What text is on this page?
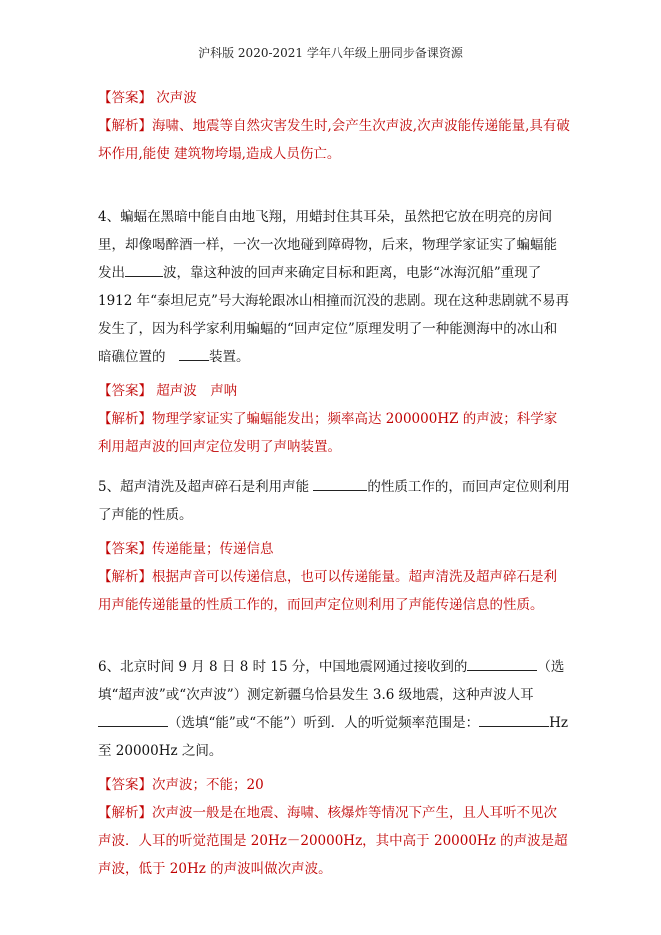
沪科版 2020-2021 学年八年级上册同步备课资源

【答案】 次声波

【解析】海啸、地震等自然灾害发生时,会产生次声波,次声波能传递能量,具有破坏作用,能使 建筑物垮塌,造成人员伤亡。

4、蝙蝠在黑暗中能自由地飞翔，用蜡封住其耳朵，虽然把它放在明亮的房间里，却像喝醉酒一样，一次一次地碰到障碍物，后来，物理学家证实了蝙蝠能发出	波，靠这种波的回声来确定目标和距离，电影“冰海沉船”重现了 1912 年“泰坦尼克”号大海轮跟冰山相撞而沉没的悲剧。现在这种悲剧就不易再发生了，因为科学家利用蝙蝠的“回声定位”原理发明了一种能测海中的冰山和暗礁位置的　装置。

【答案】 超声波　声呐

【解析】物理学家证实了蝙蝠能发出；频率高达 200000HZ 的声波；科学家利用超声波的回声定位发明了声呐装置。

5、超声清洗及超声碎石是利用声能	的性质工作的，而回声定位则利用了声能的性质。

【答案】传递能量；传递信息

【解析】根据声音可以传递信息，也可以传递能量。超声清洗及超声碎石是利用声能传递能量的性质工作的，而回声定位则利用了声能传递信息的性质。

6、北京时间 9 月 8 日 8 时 15 分，中国地震网通过接收到的	（选填“超声波”或“次声波”）测定新疆乌恰县发生 3.6 级地震，这种声波人耳 （选填“能”或“不能”）听到．人的听觉频率范围是：	Hz 至 20000Hz 之间。

【答案】次声波；不能；20

【解析】次声波一般是在地震、海啸、核爆炸等情况下产生，且人耳听不见次声波．人耳的听觉范围是 20Hz－20000Hz，其中高于 20000Hz 的声波是超声波，低于 20Hz 的声波叫做次声波。
